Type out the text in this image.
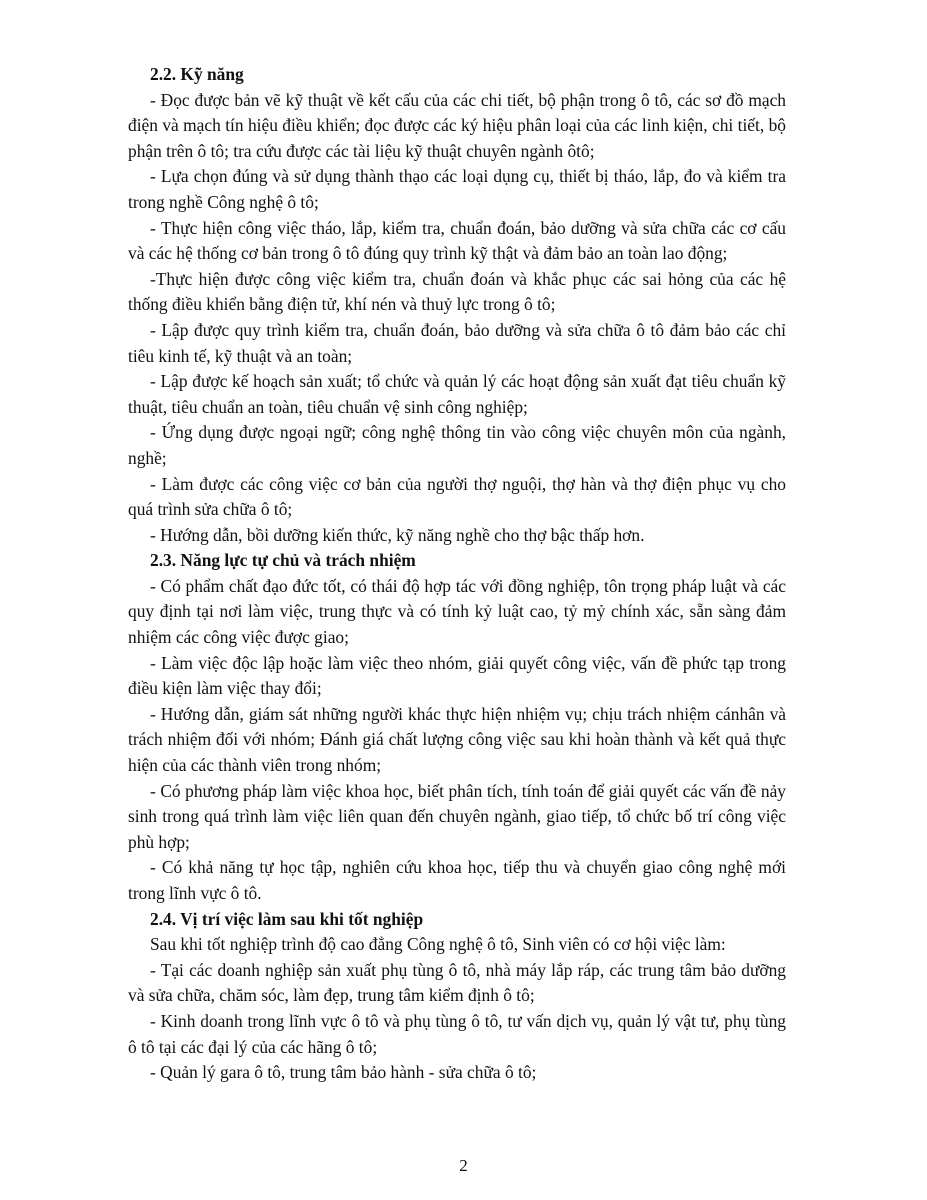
2.2. Kỹ năng
- Đọc được bản vẽ kỹ thuật về kết cấu của các chi tiết, bộ phận trong ô tô, các sơ đồ mạch điện và mạch tín hiệu điều khiển; đọc được các ký hiệu phân loại của các linh kiện, chi tiết, bộ phận trên ô tô; tra cứu được các tài liệu kỹ thuật chuyên ngành ôtô;
- Lựa chọn đúng và sử dụng thành thạo các loại dụng cụ, thiết bị tháo, lắp, đo và kiểm tra trong nghề Công nghệ ô tô;
- Thực hiện công việc tháo, lắp, kiểm tra, chuẩn đoán, bảo dưỡng và sửa chữa các cơ cấu và các hệ thống cơ bản trong ô tô đúng quy trình kỹ thật và đảm bảo an toàn lao động;
-Thực hiện được công việc kiểm tra, chuẩn đoán và khắc phục các sai hỏng của các hệ thống điều khiển bằng điện tử, khí nén và thuỷ lực trong ô tô;
- Lập được quy trình kiểm tra, chuẩn đoán, bảo dưỡng và sửa chữa ô tô đảm bảo các chỉ tiêu kinh tế, kỹ thuật và an toàn;
- Lập được kế hoạch sản xuất; tổ chức và quản lý các hoạt động sản xuất đạt tiêu chuẩn kỹ thuật, tiêu chuẩn an toàn, tiêu chuẩn vệ sinh công nghiệp;
- Ứng dụng được ngoại ngữ; công nghệ thông tin vào công việc chuyên môn của ngành, nghề;
- Làm được các công việc cơ bản của người thợ nguội, thợ hàn và thợ điện phục vụ cho quá trình sửa chữa ô tô;
- Hướng dẫn, bồi dưỡng kiến thức, kỹ năng nghề cho thợ bậc thấp hơn.
2.3. Năng lực tự chủ và trách nhiệm
- Có phẩm chất đạo đức tốt, có thái độ hợp tác với đồng nghiệp, tôn trọng pháp luật và các quy định tại nơi làm việc, trung thực và có tính kỷ luật cao, tỷ mỷ chính xác, sẵn sàng đảm nhiệm các công việc được giao;
- Làm việc độc lập hoặc làm việc theo nhóm, giải quyết công việc, vấn đề phức tạp trong điều kiện làm việc thay đổi;
- Hướng dẫn, giám sát những người khác thực hiện nhiệm vụ; chịu trách nhiệm cánhân và trách nhiệm đối với nhóm; Đánh giá chất lượng công việc sau khi hoàn thành và kết quả thực hiện của các thành viên trong nhóm;
- Có phương pháp làm việc khoa học, biết phân tích, tính toán để giải quyết các vấn đề nảy sinh trong quá trình làm việc liên quan đến chuyên ngành, giao tiếp, tổ chức bố trí công việc phù hợp;
- Có khả năng tự học tập, nghiên cứu khoa học, tiếp thu và chuyển giao công nghệ mới trong lĩnh vực ô tô.
2.4. Vị trí việc làm sau khi tốt nghiệp
Sau khi tốt nghiệp trình độ cao đẳng Công nghệ ô tô, Sinh viên có cơ hội việc làm:
- Tại các doanh nghiệp sản xuất phụ tùng ô tô, nhà máy lắp ráp, các trung tâm bảo dưỡng và sửa chữa, chăm sóc, làm đẹp, trung tâm kiểm định ô tô;
- Kinh doanh trong lĩnh vực ô tô và phụ tùng ô tô, tư vấn dịch vụ, quản lý vật tư, phụ tùng ô tô tại các đại lý của các hãng ô tô;
- Quản lý gara ô tô, trung tâm bảo hành - sửa chữa ô tô;
2
